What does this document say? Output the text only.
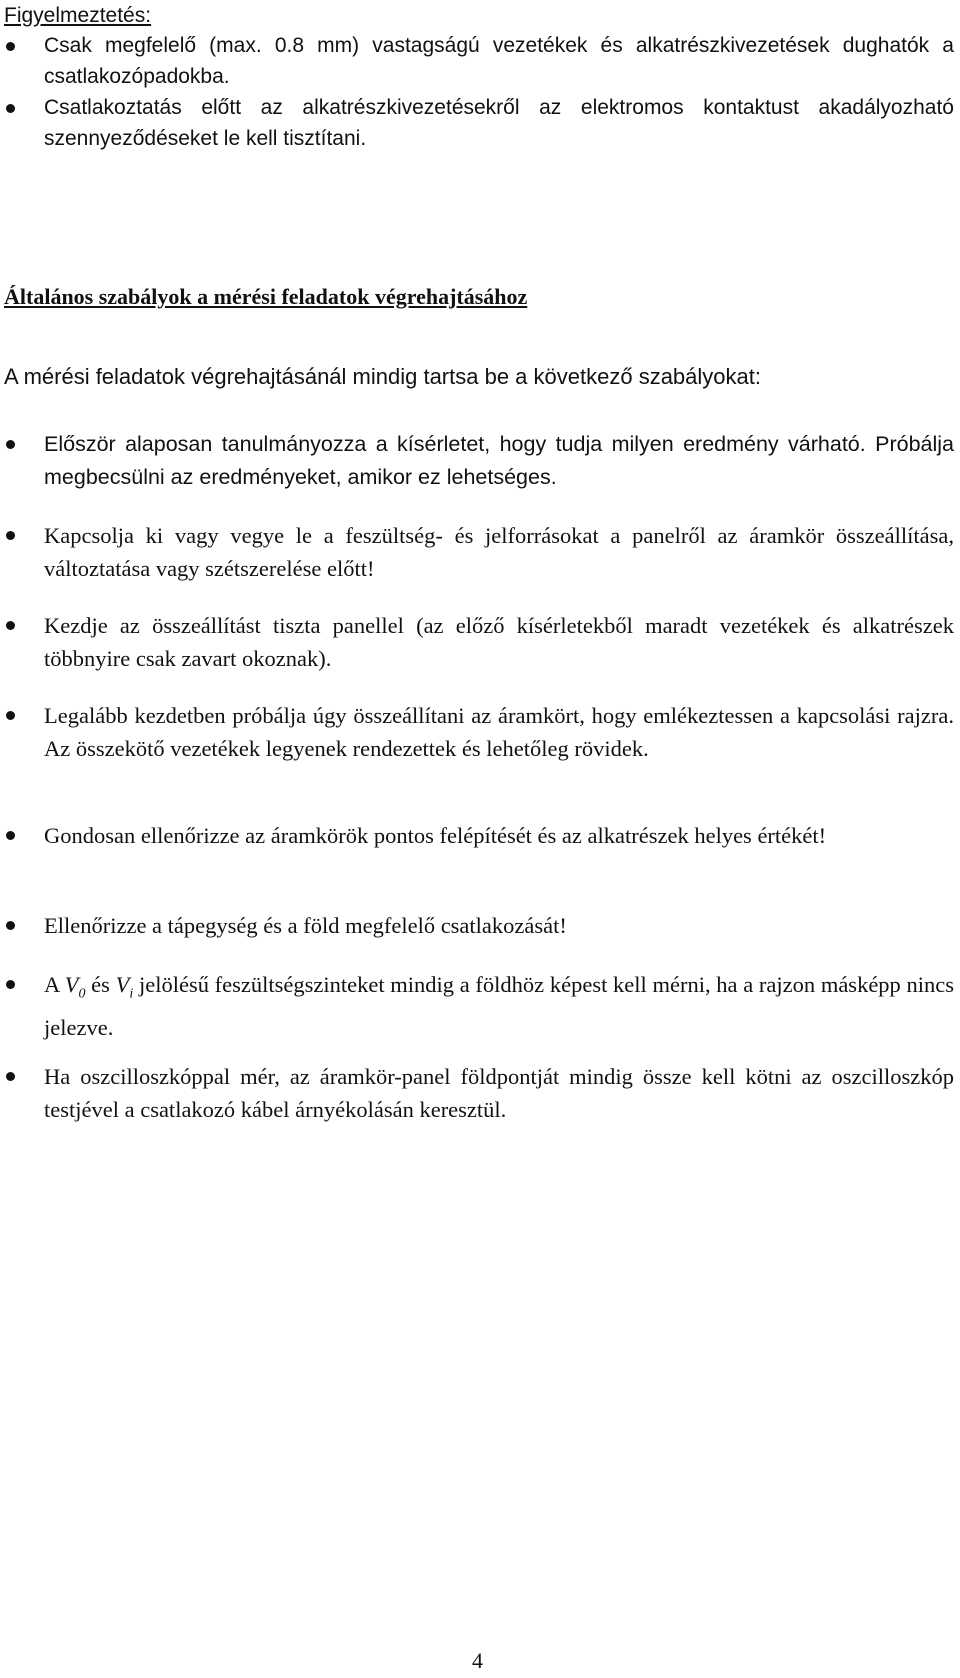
Figyelmeztetés:
Csak megfelelő (max. 0.8 mm) vastagságú vezetékek és alkatrészkivezetések dughatók a csatlakozópadokba.
Csatlakoztatás előtt az alkatrészkivezetésekről az elektromos kontaktust akadályozható szennyeződéseket le kell tisztítani.
Általános szabályok a mérési feladatok végrehajtásához
A mérési feladatok végrehajtásánál mindig tartsa be a következő szabályokat:
Először alaposan tanulmányozza a kísérletet, hogy tudja milyen eredmény várható. Próbálja megbecsülni az eredményeket, amikor ez lehetséges.
Kapcsolja ki vagy vegye le a feszültség- és jelforrásokat a panelről az áramkör összeállítása, változtatása vagy szétszerelése előtt!
Kezdje az összeállítást tiszta panellel (az előző kísérletekből maradt vezetékek és alkatrészek többnyire csak zavart okoznak).
Legalább kezdetben próbálja úgy összeállítani az áramkört, hogy emlékeztessen a kapcsolási rajzra. Az összekötő vezetékek legyenek rendezettek és lehetőleg rövidek.
Gondosan ellenőrizze az áramkörök pontos felépítését és az alkatrészek helyes értékét!
Ellenőrizze a tápegység és a föld megfelelő csatlakozását!
A $V_0$ és $V_i$ jelölésű feszültségszinteket mindig a földhöz képest kell mérni, ha a rajzon másképp nincs jelezve.
Ha oszcilloszkóppal mér, az áramkör-panel földpontját mindig össze kell kötni az oszcilloszkóp testjével a csatlakozó kábel árnyékolásán keresztül.
4
